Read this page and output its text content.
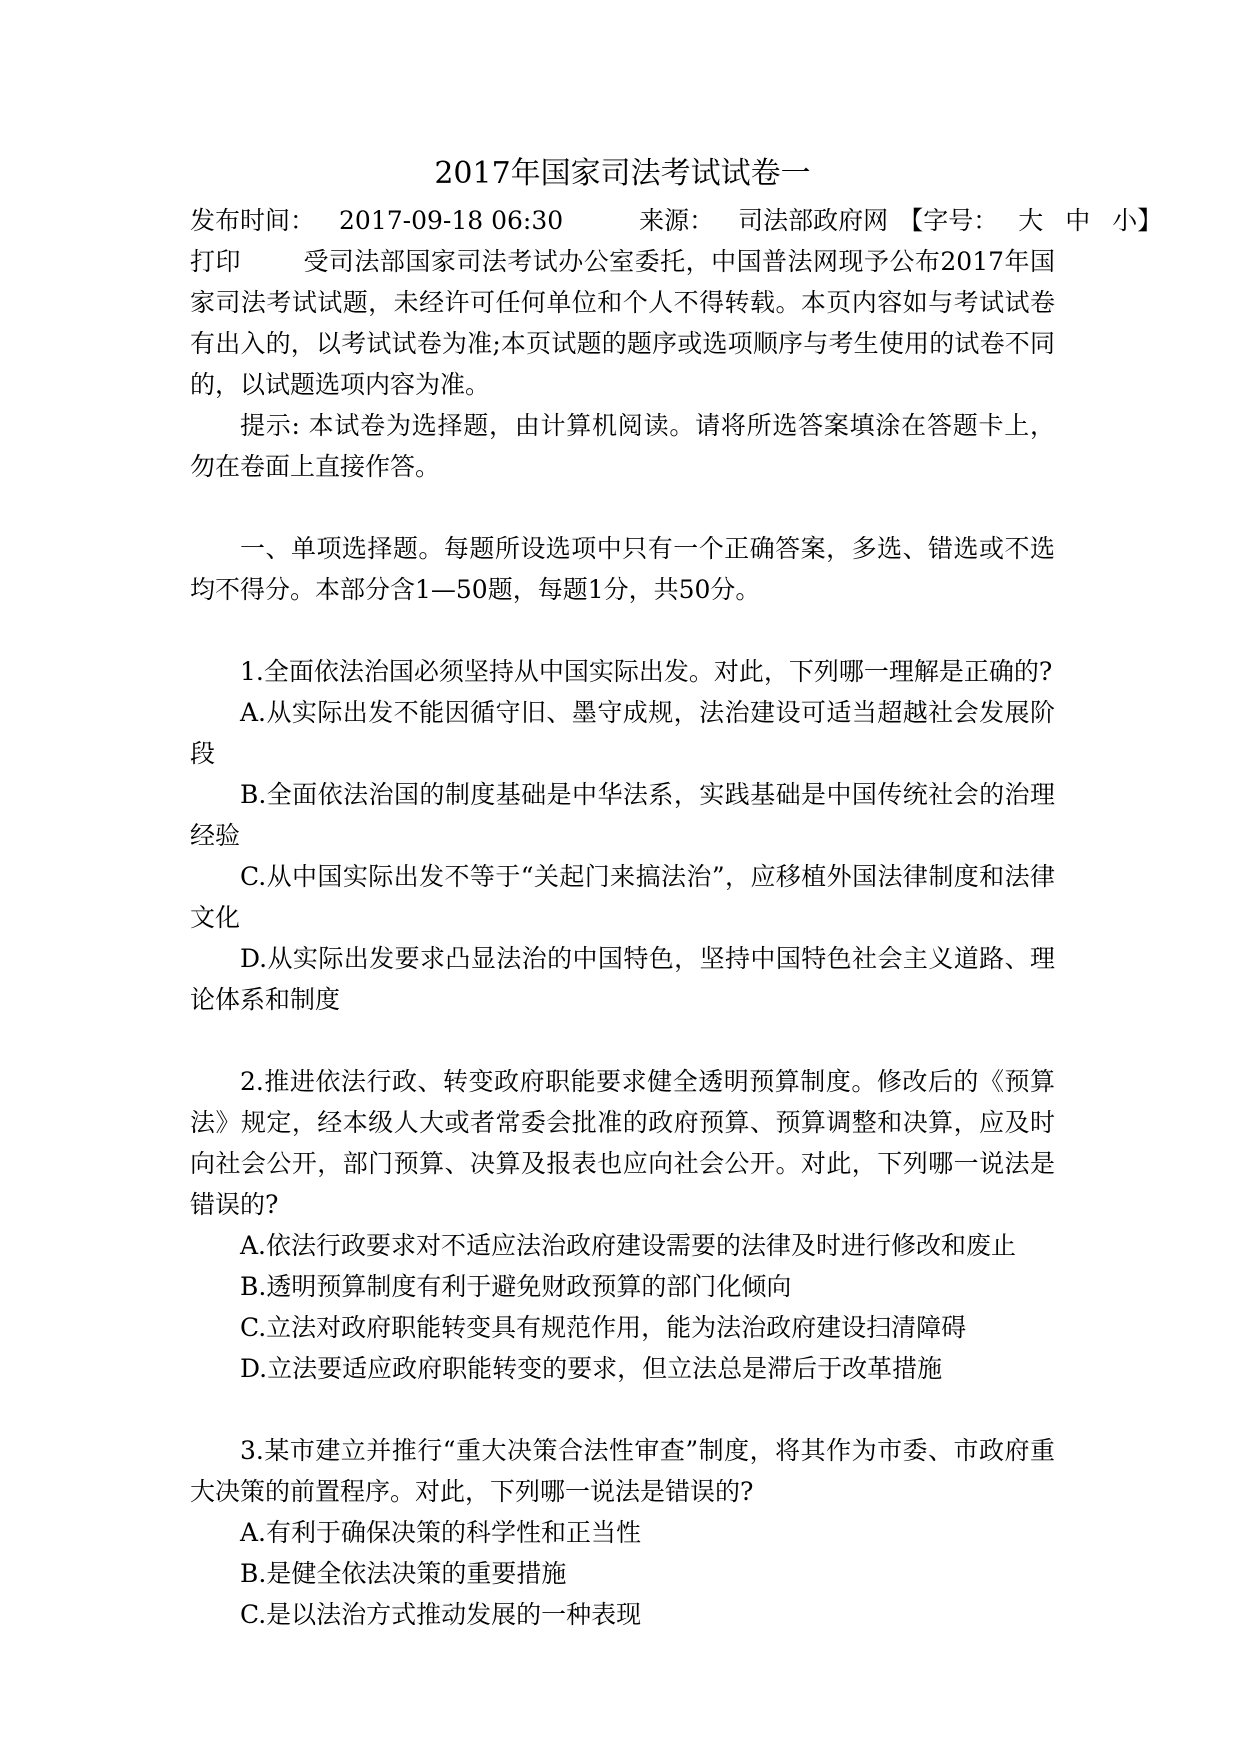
2017年国家司法考试试卷一
发布时间： 2017-09-18 06:30	来源： 司法部政府网 【字号： 大 中 小】

打印 受司法部国家司法考试办公室委托，中国普法网现予公布2017年国家司法考试试题，未经许可任何单位和个人不得转载。本页内容如与考试试卷有出入的，以考试试卷为准;本页试题的题序或选项顺序与考生使用的试卷不同的，以试题选项内容为准。

提示: 本试卷为选择题，由计算机阅读。请将所选答案填涂在答题卡上，勿在卷面上直接作答。

一、单项选择题。每题所设选项中只有一个正确答案，多选、错选或不选均不得分。本部分含1—50题，每题1分，共50分。

1.全面依法治国必须坚持从中国实际出发。对此，下列哪一理解是正确的?

A.从实际出发不能因循守旧、墨守成规，法治建设可适当超越社会发展阶段

B.全面依法治国的制度基础是中华法系，实践基础是中国传统社会的治理经验

C.从中国实际出发不等于“关起门来搞法治”，应移植外国法律制度和法律文化

D.从实际出发要求凸显法治的中国特色，坚持中国特色社会主义道路、理论体系和制度

2.推进依法行政、转变政府职能要求健全透明预算制度。修改后的《预算法》规定，经本级人大或者常委会批准的政府预算、预算调整和决算，应及时向社会公开，部门预算、决算及报表也应向社会公开。对此，下列哪一说法是错误的?

A.依法行政要求对不适应法治政府建设需要的法律及时进行修改和废止

B.透明预算制度有利于避免财政预算的部门化倾向

C.立法对政府职能转变具有规范作用，能为法治政府建设扫清障碍

D.立法要适应政府职能转变的要求，但立法总是滞后于改革措施

3.某市建立并推行“重大决策合法性审查”制度，将其作为市委、市政府重大决策的前置程序。对此，下列哪一说法是错误的?

A.有利于确保决策的科学性和正当性

B.是健全依法决策的重要措施

C.是以法治方式推动发展的一种表现
